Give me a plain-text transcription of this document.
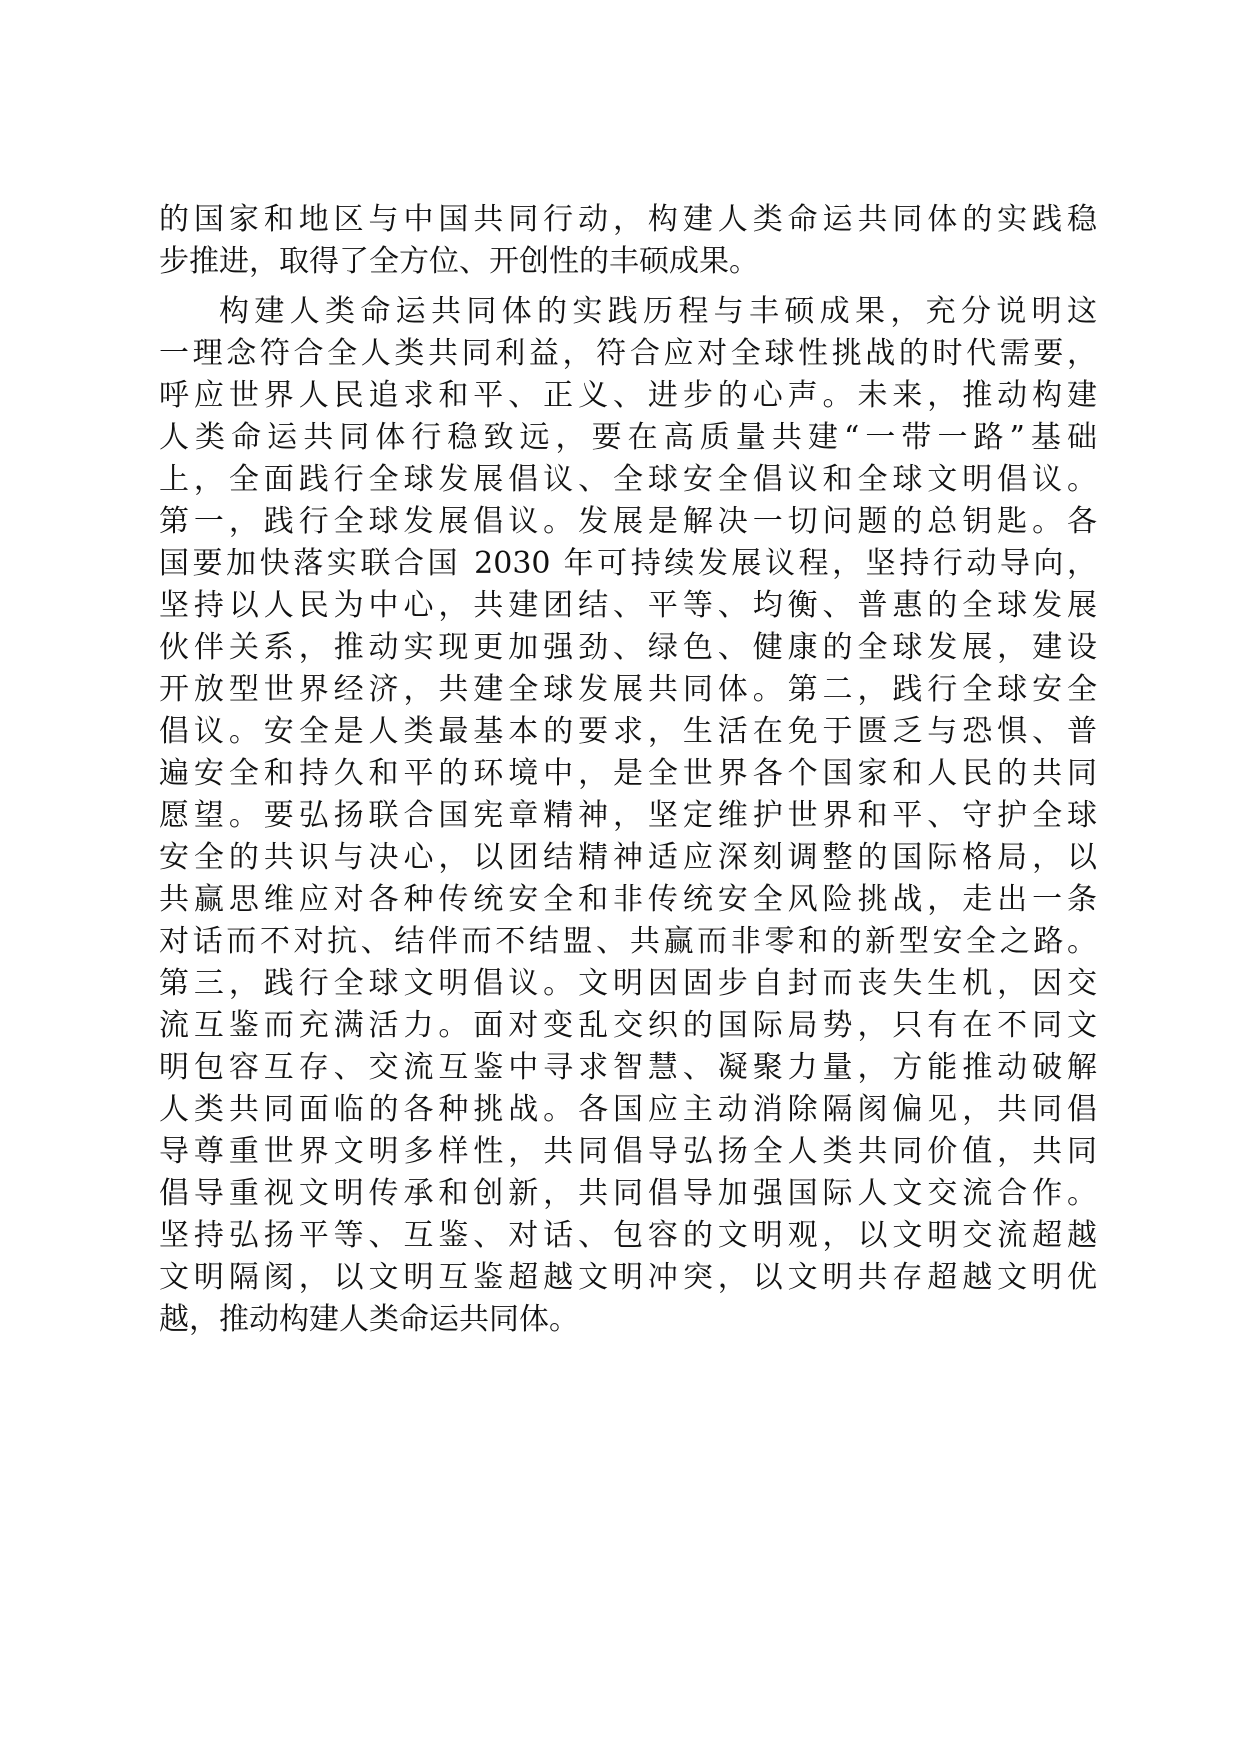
的国家和地区与中国共同行动，构建人类命运共同体的实践稳
步推进，取得了全方位、开创性的丰硕成果。
构建人类命运共同体的实践历程与丰硕成果，充分说明这
一理念符合全人类共同利益，符合应对全球性挑战的时代需要，
呼应世界人民追求和平、正义、进步的心声。未来，推动构建
人类命运共同体行稳致远，要在高质量共建“一带一路”基础
上，全面践行全球发展倡议、全球安全倡议和全球文明倡议。
第一，践行全球发展倡议。发展是解决一切问题的总钥匙。各
国要加快落实联合国 2030 年可持续发展议程，坚持行动导向，
坚持以人民为中心，共建团结、平等、均衡、普惠的全球发展
伙伴关系，推动实现更加强劲、绿色、健康的全球发展，建设
开放型世界经济，共建全球发展共同体。第二，践行全球安全
倡议。安全是人类最基本的要求，生活在免于匮乏与恐惧、普
遍安全和持久和平的环境中，是全世界各个国家和人民的共同
愿望。要弘扬联合国宪章精神，坚定维护世界和平、守护全球
安全的共识与决心，以团结精神适应深刻调整的国际格局，以
共赢思维应对各种传统安全和非传统安全风险挑战，走出一条
对话而不对抗、结伴而不结盟、共赢而非零和的新型安全之路。
第三，践行全球文明倡议。文明因固步自封而丧失生机，因交
流互鉴而充满活力。面对变乱交织的国际局势，只有在不同文
明包容互存、交流互鉴中寻求智慧、凝聚力量，方能推动破解
人类共同面临的各种挑战。各国应主动消除隔阂偏见，共同倡
导尊重世界文明多样性，共同倡导弘扬全人类共同价值，共同
倡导重视文明传承和创新，共同倡导加强国际人文交流合作。
坚持弘扬平等、互鉴、对话、包容的文明观，以文明交流超越
文明隔阂，以文明互鉴超越文明冲突，以文明共存超越文明优
越，推动构建人类命运共同体。
